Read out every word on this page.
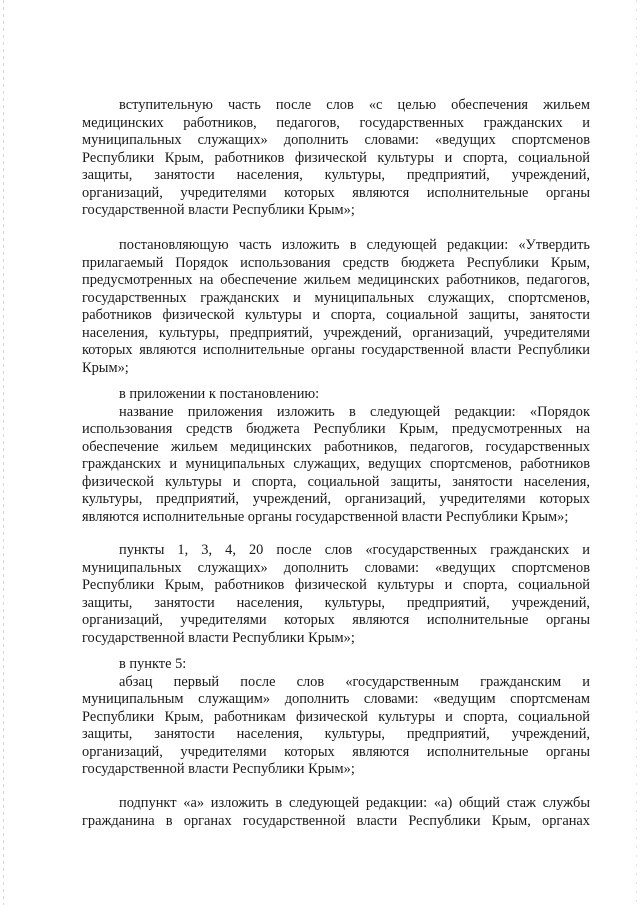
вступительную часть после слов «с целью обеспечения жильем
медицинских работников, педагогов, государственных гражданских и
муниципальных служащих» дополнить словами: «ведущих спортсменов
Республики Крым, работников физической культуры и спорта, социальной
защиты, занятости населения, культуры, предприятий, учреждений,
организаций, учредителями которых являются исполнительные органы
государственной власти Республики Крым»;
постановляющую часть изложить в следующей редакции: «Утвердить
прилагаемый Порядок использования средств бюджета Республики Крым,
предусмотренных на обеспечение жильем медицинских работников, педагогов,
государственных гражданских и муниципальных служащих, спортсменов,
работников физической культуры и спорта, социальной защиты, занятости
населения, культуры, предприятий, учреждений, организаций, учредителями
которых являются исполнительные органы государственной власти Республики
Крым»;
в приложении к постановлению:
название приложения изложить в следующей редакции: «Порядок
использования средств бюджета Республики Крым, предусмотренных на
обеспечение жильем медицинских работников, педагогов, государственных
гражданских и муниципальных служащих, ведущих спортсменов, работников
физической культуры и спорта, социальной защиты, занятости населения,
культуры, предприятий, учреждений, организаций, учредителями которых
являются исполнительные органы государственной власти Республики Крым»;
пункты 1, 3, 4, 20 после слов «государственных гражданских и
муниципальных служащих» дополнить словами: «ведущих спортсменов
Республики Крым, работников физической культуры и спорта, социальной
защиты, занятости населения, культуры, предприятий, учреждений,
организаций, учредителями которых являются исполнительные органы
государственной власти Республики Крым»;
в пункте 5:
абзац первый после слов «государственным гражданским и
муниципальным служащим» дополнить словами: «ведущим спортсменам
Республики Крым, работникам физической культуры и спорта, социальной
защиты, занятости населения, культуры, предприятий, учреждений,
организаций, учредителями которых являются исполнительные органы
государственной власти Республики Крым»;
подпункт «а» изложить в следующей редакции: «а) общий стаж службы
гражданина в органах государственной власти Республики Крым, органах
